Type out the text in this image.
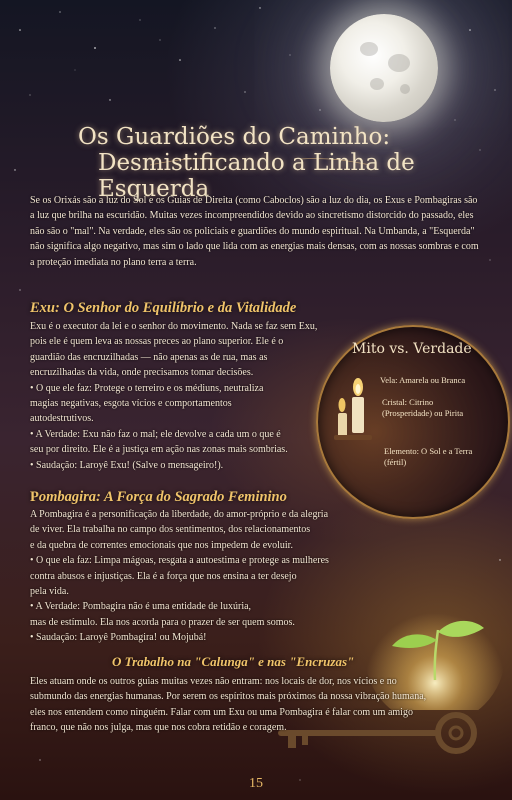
Os Guardiões do Caminho:
Desmistificando a Linha de Esquerda

Se os Orixás são a luz do Sol e os Guias de Direita (como Caboclos) são a luz do dia, os Exus e Pombagiras são a luz que brilha na escuridão. Muitas vezes incompreendidos devido ao sincretismo distorcido do passado, eles não são o "mal". Na verdade, eles são os policiais e guardiões do mundo espiritual. Na Umbanda, a "Esquerda" não significa algo negativo, mas sim o lado que lida com as energias mais densas, com as nossas sombras e com a proteção imediata no plano terra a terra.

Exu: O Senhor do Equilíbrio e da Vitalidade
Exu é o executor da lei e o senhor do movimento. Nada se faz sem Exu,
pois ele é quem leva as nossas preces ao plano superior. Ele é o
guardião das encruzilhadas — não apenas as de rua, mas as
encruzilhadas da vida, onde precisamos tomar decisões.
• O que ele faz: Protege o terreiro e os médiuns, neutraliza
magias negativas, esgota vícios e comportamentos
autodestrutivos.
• A Verdade: Exu não faz o mal; ele devolve a cada um o que é
seu por direito. Ele é a justiça em ação nas zonas mais sombrias.
• Saudação: Laroyê Exu! (Salve o mensageiro!).

Mito vs. Verdade

Vela: Amarela ou Branca

Cristal: Citrino (Prosperidade) ou Pirita

Elemento: O Sol e a Terra (fértil)

Pombagira: A Força do Sagrado Feminino
A Pombagira é a personificação da liberdade, do amor-próprio e da alegria
de viver. Ela trabalha no campo dos sentimentos, dos relacionamentos
e da quebra de correntes emocionais que nos impedem de evoluir.
• O que ela faz: Limpa mágoas, resgata a autoestima e protege as mulheres
contra abusos e injustiças. Ela é a força que nos ensina a ter desejo
pela vida.
• A Verdade: Pombagira não é uma entidade de luxúria,
mas de estímulo. Ela nos acorda para o prazer de ser quem somos.
• Saudação: Laroyê Pombagira! ou Mojubá!
O Trabalho na "Calunga" e nas "Encruzas"
Eles atuam onde os outros guias muitas vezes não entram: nos locais de dor, nos vícios e no
submundo das energias humanas. Por serem os espíritos mais próximos da nossa vibração humana,
eles nos entendem como ninguém. Falar com um Exu ou uma Pombagira é falar com um amigo
franco, que não nos julga, mas que nos cobra retidão e coragem.
15
